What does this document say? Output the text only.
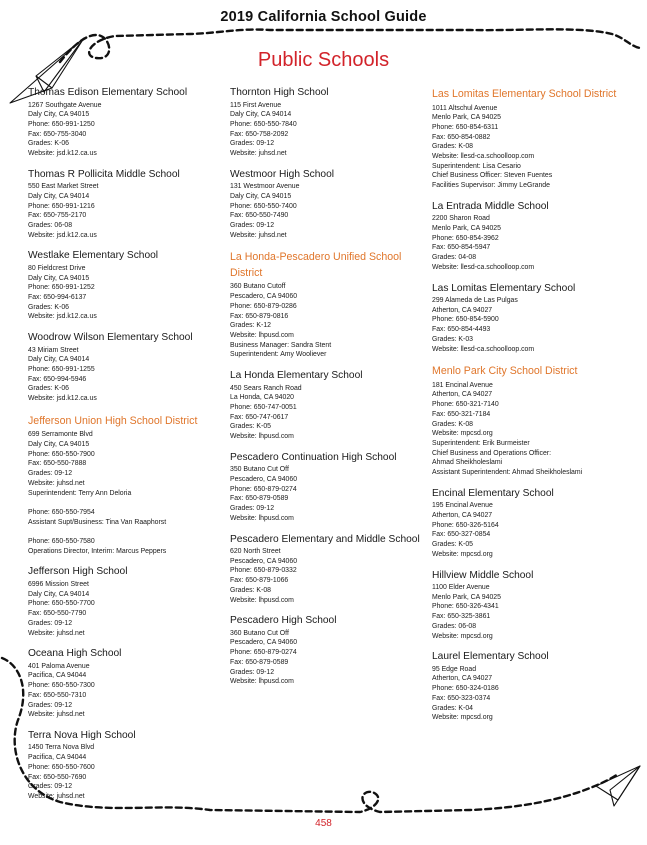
2019 California School Guide
Public Schools
Thomas Edison Elementary School
1267 Southgate Avenue
Daly City, CA 94015
Phone: 650-991-1250
Fax: 650-755-3040
Grades: K-06
Website: jsd.k12.ca.us
Thomas R Pollicita Middle School
550 East Market Street
Daly City, CA 94014
Phone: 650-991-1216
Fax: 650-755-2170
Grades: 06-08
Website: jsd.k12.ca.us
Westlake Elementary School
80 Fieldcrest Drive
Daly City, CA 94015
Phone: 650-991-1252
Fax: 650-994-6137
Grades: K-06
Website: jsd.k12.ca.us
Woodrow Wilson Elementary School
43 Miriam Street
Daly City, CA 94014
Phone: 650-991-1255
Fax: 650-994-5946
Grades: K-06
Website: jsd.k12.ca.us
Jefferson Union High School District
699 Serramonte Blvd
Daly City, CA 94015
Phone: 650-550-7900
Fax: 650-550-7888
Grades: 09-12
Website: juhsd.net
Superintendent: Terry Ann Deloria
Phone: 650-550-7954
Assistant Supt/Business: Tina Van Raaphorst
Phone: 650-550-7580
Operations Director, Interim: Marcus Peppers
Jefferson High School
6996 Mission Street
Daly City, CA 94014
Phone: 650-550-7700
Fax: 650-550-7790
Grades: 09-12
Website: juhsd.net
Oceana High School
401 Paloma Avenue
Pacifica, CA 94044
Phone: 650-550-7300
Fax: 650-550-7310
Grades: 09-12
Website: juhsd.net
Terra Nova High School
1450 Terra Nova Blvd
Pacifica, CA 94044
Phone: 650-550-7600
Fax: 650-550-7690
Grades: 09-12
Website: juhsd.net
Thornton High School
115 First Avenue
Daly City, CA 94014
Phone: 650-550-7840
Fax: 650-758-2092
Grades: 09-12
Website: juhsd.net
Westmoor High School
131 Westmoor Avenue
Daly City, CA 94015
Phone: 650-550-7400
Fax: 650-550-7490
Grades: 09-12
Website: juhsd.net
La Honda-Pescadero Unified School District
360 Butano Cutoff
Pescadero, CA 94060
Phone: 650-879-0286
Fax: 650-879-0816
Grades: K-12
Website: lhpusd.com
Business Manager: Sandra Stent
Superintendent: Amy Wooliever
La Honda Elementary School
450 Sears Ranch Road
La Honda, CA 94020
Phone: 650-747-0051
Fax: 650-747-0617
Grades: K-05
Website: lhpusd.com
Pescadero Continuation High School
350 Butano Cut Off
Pescadero, CA 94060
Phone: 650-879-0274
Fax: 650-879-0589
Grades: 09-12
Website: lhpusd.com
Pescadero Elementary and Middle School
620 North Street
Pescadero, CA 94060
Phone: 650-879-0332
Fax: 650-879-1066
Grades: K-08
Website: lhpusd.com
Pescadero High School
360 Butano Cut Off
Pescadero, CA 94060
Phone: 650-879-0274
Fax: 650-879-0589
Grades: 09-12
Website: lhpusd.com
Las Lomitas Elementary School District
1011 Altschul Avenue
Menlo Park, CA 94025
Phone: 650-854-6311
Fax: 650-854-0882
Grades: K-08
Website: llesd-ca.schoolloop.com
Superintendent: Lisa Cesario
Chief Business Officer: Steven Fuentes
Facilities Supervisor: Jimmy LeGrande
La Entrada Middle School
2200 Sharon Road
Menlo Park, CA 94025
Phone: 650-854-3962
Fax: 650-854-5947
Grades: 04-08
Website: llesd-ca.schoolloop.com
Las Lomitas Elementary School
299 Alameda de Las Pulgas
Atherton, CA 94027
Phone: 650-854-5900
Fax: 650-854-4493
Grades: K-03
Website: llesd-ca.schoolloop.com
Menlo Park City School District
181 Encinal Avenue
Atherton, CA 94027
Phone: 650-321-7140
Fax: 650-321-7184
Grades: K-08
Website: mpcsd.org
Superintendent: Erik Burmeister
Chief Business and Operations Officer:
Ahmad Sheikholeslami
Assistant Superintendent: Ahmad Sheikholeslami
Encinal Elementary School
195 Encinal Avenue
Atherton, CA 94027
Phone: 650-326-5164
Fax: 650-327-0854
Grades: K-05
Website: mpcsd.org
Hillview Middle School
1100 Elder Avenue
Menlo Park, CA 94025
Phone: 650-326-4341
Fax: 650-325-3861
Grades: 06-08
Website: mpcsd.org
Laurel Elementary School
95 Edge Road
Atherton, CA 94027
Phone: 650-324-0186
Fax: 650-323-0374
Grades: K-04
Website: mpcsd.org
458
